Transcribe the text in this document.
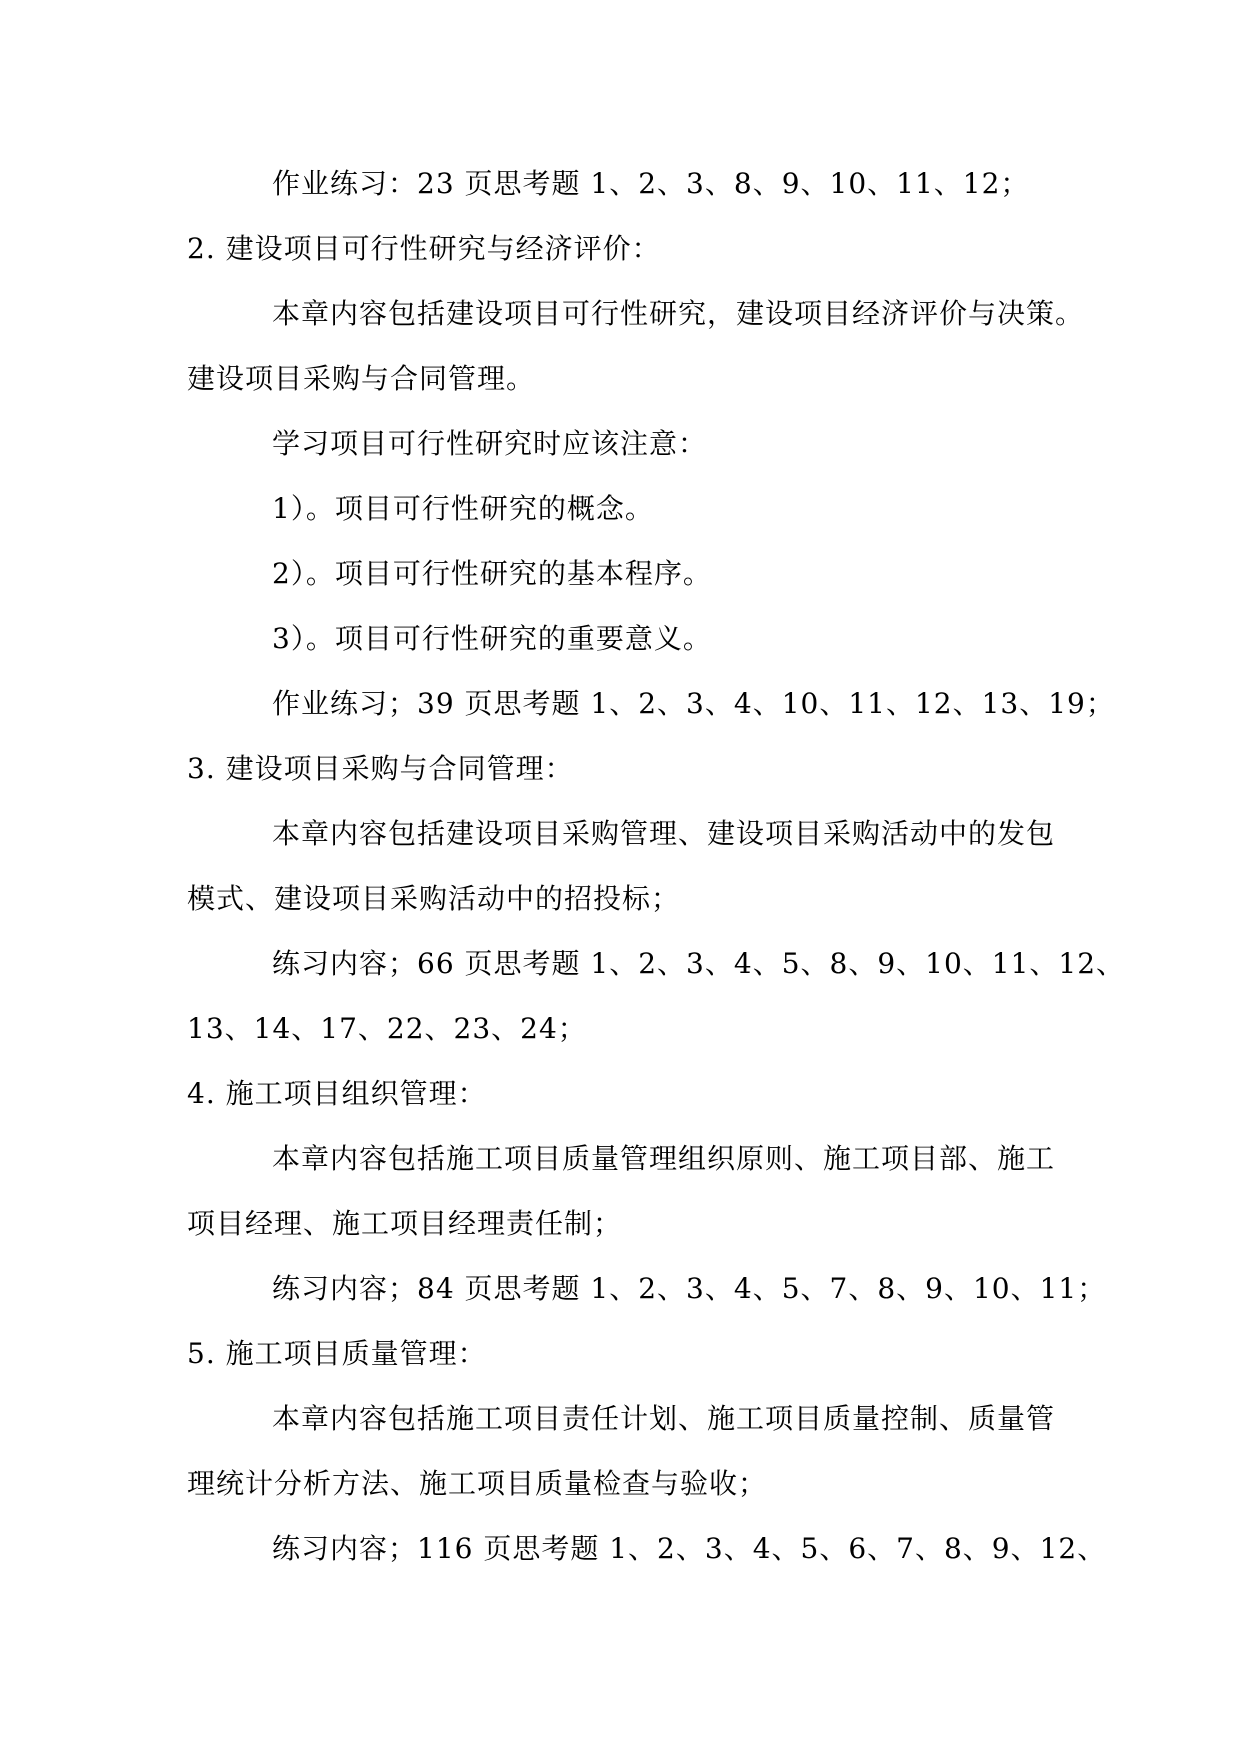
作业练习：23 页思考题 1、2、3、8、9、10、11、12；
2. 建设项目可行性研究与经济评价：
本章内容包括建设项目可行性研究，建设项目经济评价与决策。
建设项目采购与合同管理。
学习项目可行性研究时应该注意：
1）。项目可行性研究的概念。
2）。项目可行性研究的基本程序。
3）。项目可行性研究的重要意义。
作业练习；39 页思考题 1、2、3、4、10、11、12、13、19；
3. 建设项目采购与合同管理：
本章内容包括建设项目采购管理、建设项目采购活动中的发包
模式、建设项目采购活动中的招投标；
练习内容；66 页思考题 1、2、3、4、5、8、9、10、11、12、
13、14、17、22、23、24；
4. 施工项目组织管理：
本章内容包括施工项目质量管理组织原则、施工项目部、施工
项目经理、施工项目经理责任制；
练习内容；84 页思考题 1、2、3、4、5、7、8、9、10、11；
5. 施工项目质量管理：
本章内容包括施工项目责任计划、施工项目质量控制、质量管
理统计分析方法、施工项目质量检查与验收；
练习内容；116 页思考题 1、2、3、4、5、6、7、8、9、12、
